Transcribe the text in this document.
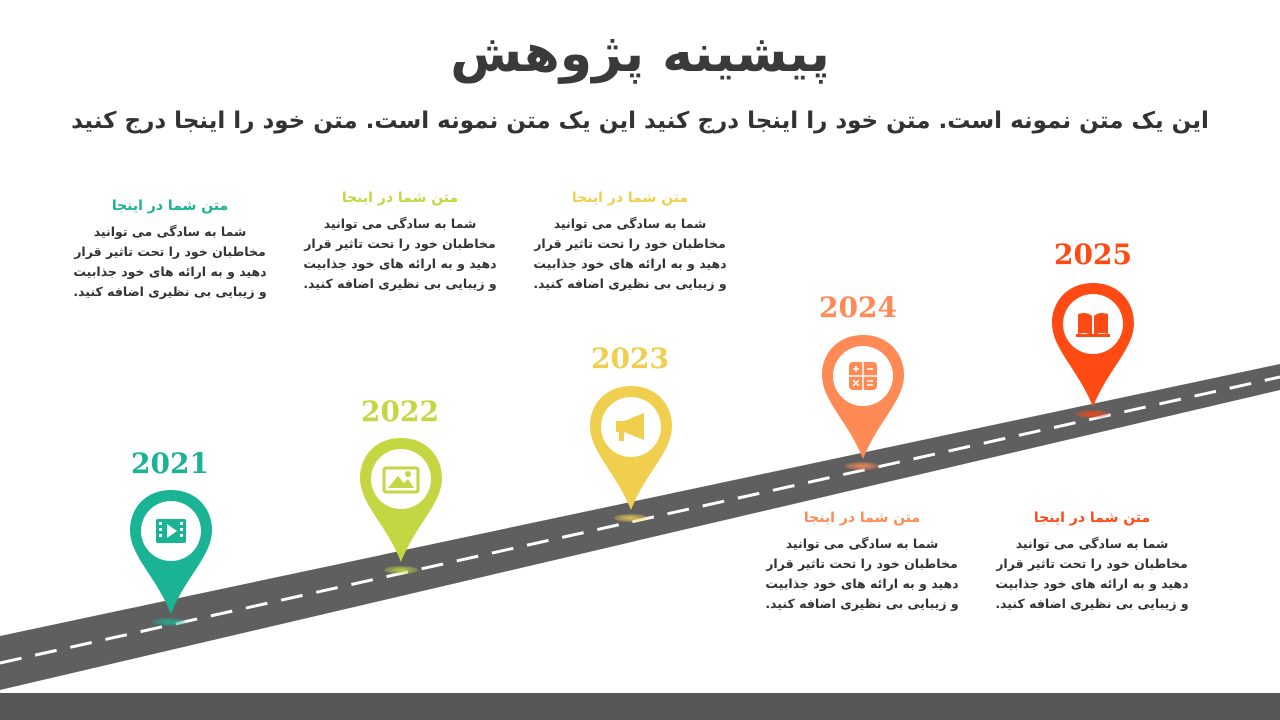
پیشینه پژوهش
این یک متن نمونه است. متن خود را اینجا درج کنید این یک متن نمونه است. متن خود را اینجا درج کنید
2021
2022
2023
2024
2025
متن شما در اینجا
شما به سادگی می توانید مخاطبان خود را تحت تاثیر قرار دهید و به ارائه های خود جذابیت و زیبایی بی نظیری اضافه کنید.
متن شما در اینجا
شما به سادگی می توانید مخاطبان خود را تحت تاثیر قرار دهید و به ارائه های خود جذابیت و زیبایی بی نظیری اضافه کنید.
متن شما در اینجا
شما به سادگی می توانید مخاطبان خود را تحت تاثیر قرار دهید و به ارائه های خود جذابیت و زیبایی بی نظیری اضافه کنید.
متن شما در اینجا
شما به سادگی می توانید مخاطبان خود را تحت تاثیر قرار دهید و به ارائه های خود جذابیت و زیبایی بی نظیری اضافه کنید.
متن شما در اینجا
شما به سادگی می توانید مخاطبان خود را تحت تاثیر قرار دهید و به ارائه های خود جذابیت و زیبایی بی نظیری اضافه کنید.
